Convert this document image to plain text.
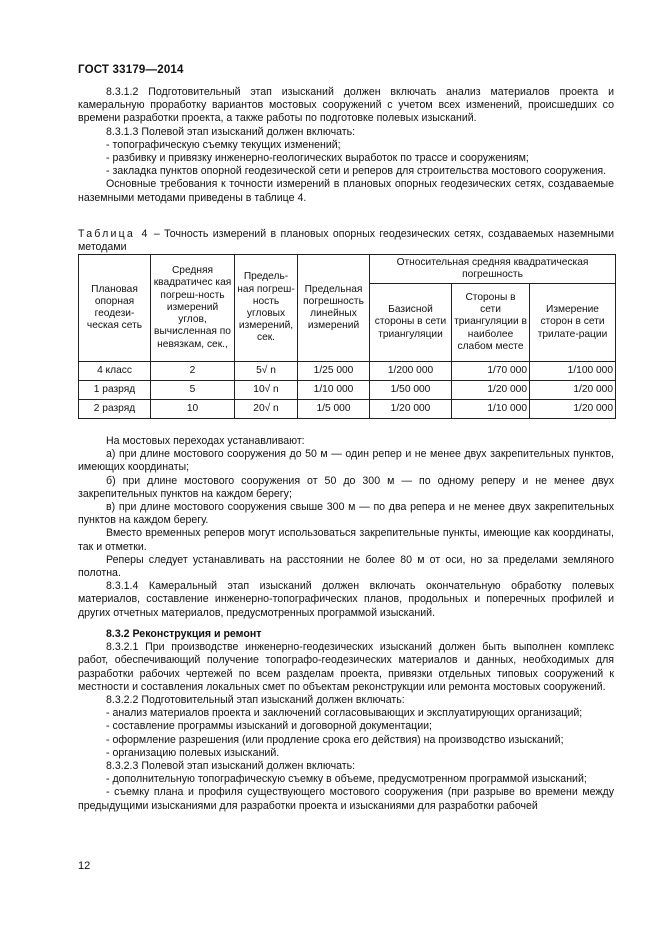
ГОСТ 33179—2014

8.3.1.2 Подготовительный этап изысканий должен включать анализ материалов проекта и камеральную проработку вариантов мостовых сооружений с учетом всех изменений, происшедших со времени разработки проекта, а также работы по подготовке полевых изысканий.

8.3.1.3 Полевой этап изысканий должен включать:

- топографическую съемку текущих изменений;

- разбивку и привязку инженерно-геологических выработок по трассе и сооружениям;

- закладка пунктов опорной геодезической сети и реперов для строительства мостового сооружения.

Основные требования к точности измерений в плановых опорных геодезических сетях, создаваемые наземными методами приведены в таблице 4.

Таблица 4 – Точность измерений в плановых опорных геодезических сетях, создаваемых наземными методами
Плановая опорная геодези-ческая сеть	Средняя квадратичес кая погреш-ность измерений углов, вычисленная по невязкам, сек.,	Предель-ная погреш-ность угловых измерений, сек.	Предельная погрешность линейных измерений	Относительная средняя квадратическая погрешность		
				Базисной стороны в сети триангуляции	Стороны в сети триангуляции в наиболее слабом месте	Измерение сторон в сети трилате-рации
4 класс	2	5√ n	1/25 000	1/200 000	1/70 000	1/100 000
1 разряд	5	10√ n	1/10 000	1/50 000	1/20 000	1/20 000
2 разряд	10	20√ n	1/5 000	1/20 000	1/10 000	1/20 000

На мостовых переходах устанавливают:

а) при длине мостового сооружения до 50 м — один репер и не менее двух закрепительных пунктов, имеющих координаты;

б) при длине мостового сооружения от 50 до 300 м — по одному реперу и не менее двух закрепительных пунктов на каждом берегу;

в) при длине мостового сооружения свыше 300 м — по два репера и не менее двух закрепительных пунктов на каждом берегу.

Вместо временных реперов могут использоваться закрепительные пункты, имеющие как координаты, так и отметки.

Реперы следует устанавливать на расстоянии не более 80 м от оси, но за пределами земляного полотна.

8.3.1.4 Камеральный этап изысканий должен включать окончательную обработку полевых материалов, составление инженерно-топографических планов, продольных и поперечных профилей и других отчетных материалов, предусмотренных программой изысканий.

8.3.2 Реконструкция и ремонт

8.3.2.1 При производстве инженерно-геодезических изысканий должен быть выполнен комплекс работ, обеспечивающий получение топографо-геодезических материалов и данных, необходимых для разработки рабочих чертежей по всем разделам проекта, привязки отдельных типовых сооружений к местности и составления локальных смет по объектам реконструкции или ремонта мостовых сооружений.

8.3.2.2 Подготовительный этап изысканий должен включать:

- анализ материалов проекта и заключений согласовывающих и эксплуатирующих организаций;

- составление программы изысканий и договорной документации;

- оформление разрешения (или продление срока его действия) на производство изысканий;

- организацию полевых изысканий.

8.3.2.3 Полевой этап изысканий должен включать:

- дополнительную топографическую съемку в объеме, предусмотренном программой изысканий;

- съемку плана и профиля существующего мостового сооружения (при разрыве во времени между предыдущими изысканиями для разработки проекта и изысканиями для разработки рабочей

12
